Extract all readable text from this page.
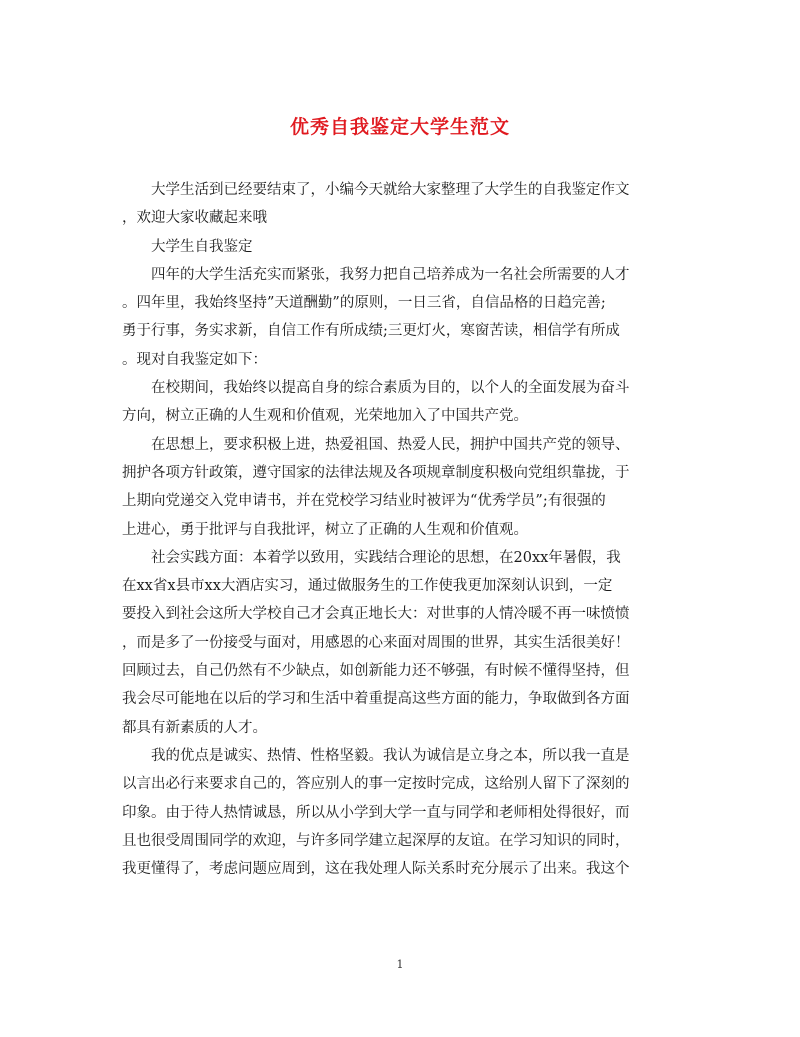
优秀自我鉴定大学生范文
　　大学生活到已经要结束了，小编今天就给大家整理了大学生的自我鉴定作文
，欢迎大家收藏起来哦
　　大学生自我鉴定
　　四年的大学生活充实而紧张，我努力把自己培养成为一名社会所需要的人才
。四年里，我始终坚持”天道酬勤”的原则，一日三省，自信品格的日趋完善;
勇于行事，务实求新，自信工作有所成绩;三更灯火，寒窗苦读，相信学有所成
。现对自我鉴定如下：
　　在校期间，我始终以提高自身的综合素质为目的，以个人的全面发展为奋斗
方向，树立正确的人生观和价值观，光荣地加入了中国共产党。
　　在思想上，要求积极上进，热爱祖国、热爱人民，拥护中国共产党的领导、
拥护各项方针政策，遵守国家的法律法规及各项规章制度积极向党组织靠拢，于
上期向党递交入党申请书，并在党校学习结业时被评为“优秀学员”;有很强的
上进心，勇于批评与自我批评，树立了正确的人生观和价值观。
　　社会实践方面：本着学以致用，实践结合理论的思想，在20xx年暑假，我
在xx省x县市xx大酒店实习，通过做服务生的工作使我更加深刻认识到，一定
要投入到社会这所大学校自己才会真正地长大：对世事的人情冷暖不再一味愤愤
，而是多了一份接受与面对，用感恩的心来面对周围的世界，其实生活很美好！
回顾过去，自己仍然有不少缺点，如创新能力还不够强，有时候不懂得坚持，但
我会尽可能地在以后的学习和生活中着重提高这些方面的能力，争取做到各方面
都具有新素质的人才。
　　我的优点是诚实、热情、性格坚毅。我认为诚信是立身之本，所以我一直是
以言出必行来要求自己的，答应别人的事一定按时完成，这给别人留下了深刻的
印象。由于待人热情诚恳，所以从小学到大学一直与同学和老师相处得很好，而
且也很受周围同学的欢迎，与许多同学建立起深厚的友谊。在学习知识的同时，
我更懂得了，考虑问题应周到，这在我处理人际关系时充分展示了出来。我这个
1
